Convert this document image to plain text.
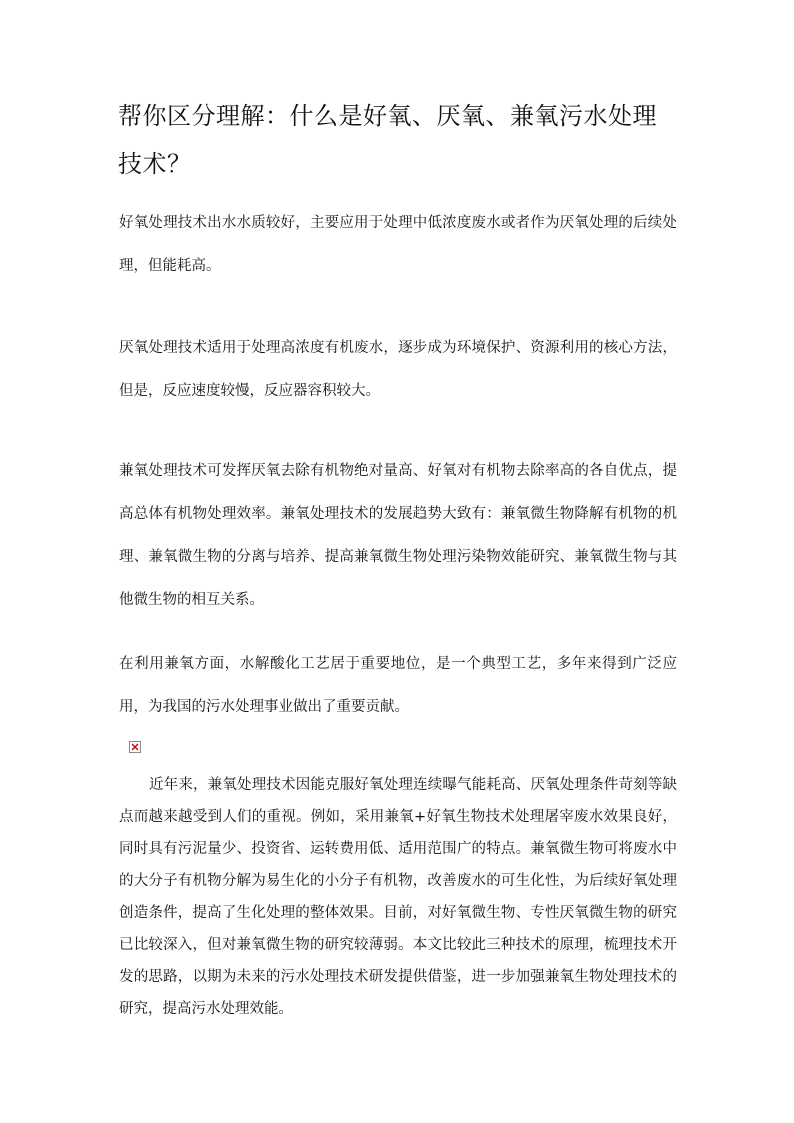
帮你区分理解：什么是好氧、厌氧、兼氧污水处理技术？

好氧处理技术出水水质较好，主要应用于处理中低浓度废水或者作为厌氧处理的后续处理，但能耗高。

厌氧处理技术适用于处理高浓度有机废水，逐步成为环境保护、资源利用的核心方法，但是，反应速度较慢，反应器容积较大。

兼氧处理技术可发挥厌氧去除有机物绝对量高、好氧对有机物去除率高的各自优点，提高总体有机物处理效率。兼氧处理技术的发展趋势大致有：兼氧微生物降解有机物的机理、兼氧微生物的分离与培养、提高兼氧微生物处理污染物效能研究、兼氧微生物与其他微生物的相互关系。

在利用兼氧方面，水解酸化工艺居于重要地位，是一个典型工艺，多年来得到广泛应用，为我国的污水处理事业做出了重要贡献。

近年来，兼氧处理技术因能克服好氧处理连续曝气能耗高、厌氧处理条件苛刻等缺点而越来越受到人们的重视。例如，采用兼氧+好氧生物技术处理屠宰废水效果良好，同时具有污泥量少、投资省、运转费用低、适用范围广的特点。兼氧微生物可将废水中的大分子有机物分解为易生化的小分子有机物，改善废水的可生化性，为后续好氧处理创造条件，提高了生化处理的整体效果。目前，对好氧微生物、专性厌氧微生物的研究已比较深入，但对兼氧微生物的研究较薄弱。本文比较此三种技术的原理，梳理技术开发的思路，以期为未来的污水处理技术研发提供借鉴，进一步加强兼氧生物处理技术的研究，提高污水处理效能。
